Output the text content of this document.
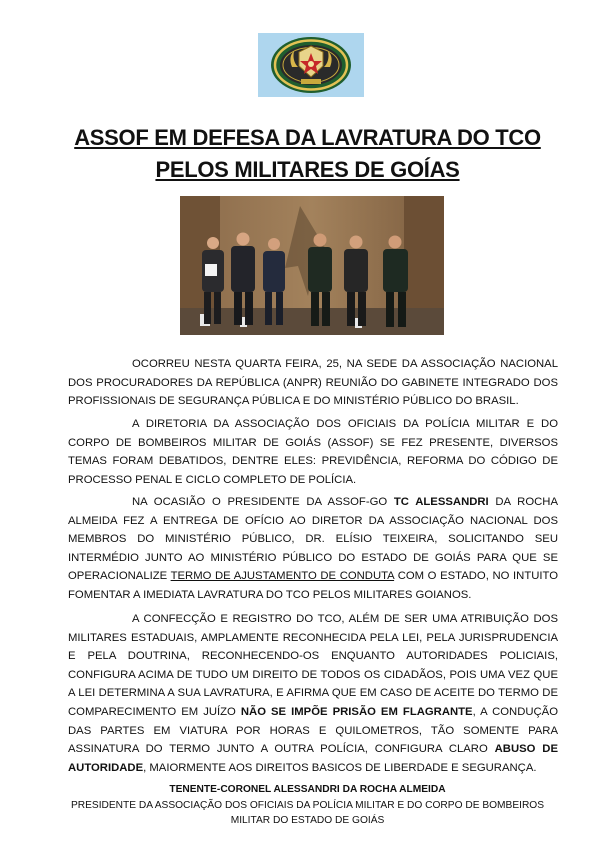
ASSOF EM DEFESA DA LAVRATURA DO TCO
PELOS MILITARES DE GOÍAS

OCORREU NESTA QUARTA FEIRA, 25, NA SEDE DA ASSOCIAÇÃO NACIONAL DOS PROCURADORES DA REPÚBLICA (ANPR) REUNIÃO DO GABINETE INTEGRADO DOS PROFISSIONAIS DE SEGURANÇA PÚBLICA E DO MINISTÉRIO PÚBLICO DO BRASIL.

A DIRETORIA DA ASSOCIAÇÃO DOS OFICIAIS DA POLÍCIA MILITAR E DO CORPO DE BOMBEIROS MILITAR DE GOIÁS (ASSOF) SE FEZ PRESENTE, DIVERSOS TEMAS FORAM DEBATIDOS, DENTRE ELES: PREVIDÊNCIA, REFORMA DO CÓDIGO DE PROCESSO PENAL E CICLO COMPLETO DE POLÍCIA.

NA OCASIÃO O PRESIDENTE DA ASSOF-GO TC ALESSANDRI DA ROCHA ALMEIDA FEZ A ENTREGA DE OFÍCIO AO DIRETOR DA ASSOCIAÇÃO NACIONAL DOS MEMBROS DO MINISTÉRIO PÚBLICO, DR. ELÍSIO TEIXEIRA, SOLICITANDO SEU INTERMÉDIO JUNTO AO MINISTÉRIO PÚBLICO DO ESTADO DE GOIÁS PARA QUE SE OPERACIONALIZE TERMO DE AJUSTAMENTO DE CONDUTA COM O ESTADO, NO INTUITO FOMENTAR A IMEDIATA LAVRATURA DO TCO PELOS MILITARES GOIANOS.

A CONFECÇÃO E REGISTRO DO TCO, ALÉM DE SER UMA ATRIBUIÇÃO DOS MILITARES ESTADUAIS, AMPLAMENTE RECONHECIDA PELA LEI, PELA JURISPRUDENCIA E PELA DOUTRINA, RECONHECENDO-OS ENQUANTO AUTORIDADES POLICIAIS, CONFIGURA ACIMA DE TUDO UM DIREITO DE TODOS OS CIDADÃOS, POIS UMA VEZ QUE A LEI DETERMINA A SUA LAVRATURA, E AFIRMA QUE EM CASO DE ACEITE DO TERMO DE COMPARECIMENTO EM JUÍZO NÃO SE IMPÕE PRISÃO EM FLAGRANTE, A CONDUÇÃO DAS PARTES EM VIATURA POR HORAS E QUILOMETROS, TÃO SOMENTE PARA ASSINATURA DO TERMO JUNTO A OUTRA POLÍCIA, CONFIGURA CLARO ABUSO DE AUTORIDADE, MAIORMENTE AOS DIREITOS BASICOS DE LIBERDADE E SEGURANÇA.

TENENTE-CORONEL ALESSANDRI DA ROCHA ALMEIDA
PRESIDENTE DA ASSOCIAÇÃO DOS OFICIAIS DA POLÍCIA MILITAR E DO CORPO DE BOMBEIROS
MILITAR DO ESTADO DE GOIÁS
